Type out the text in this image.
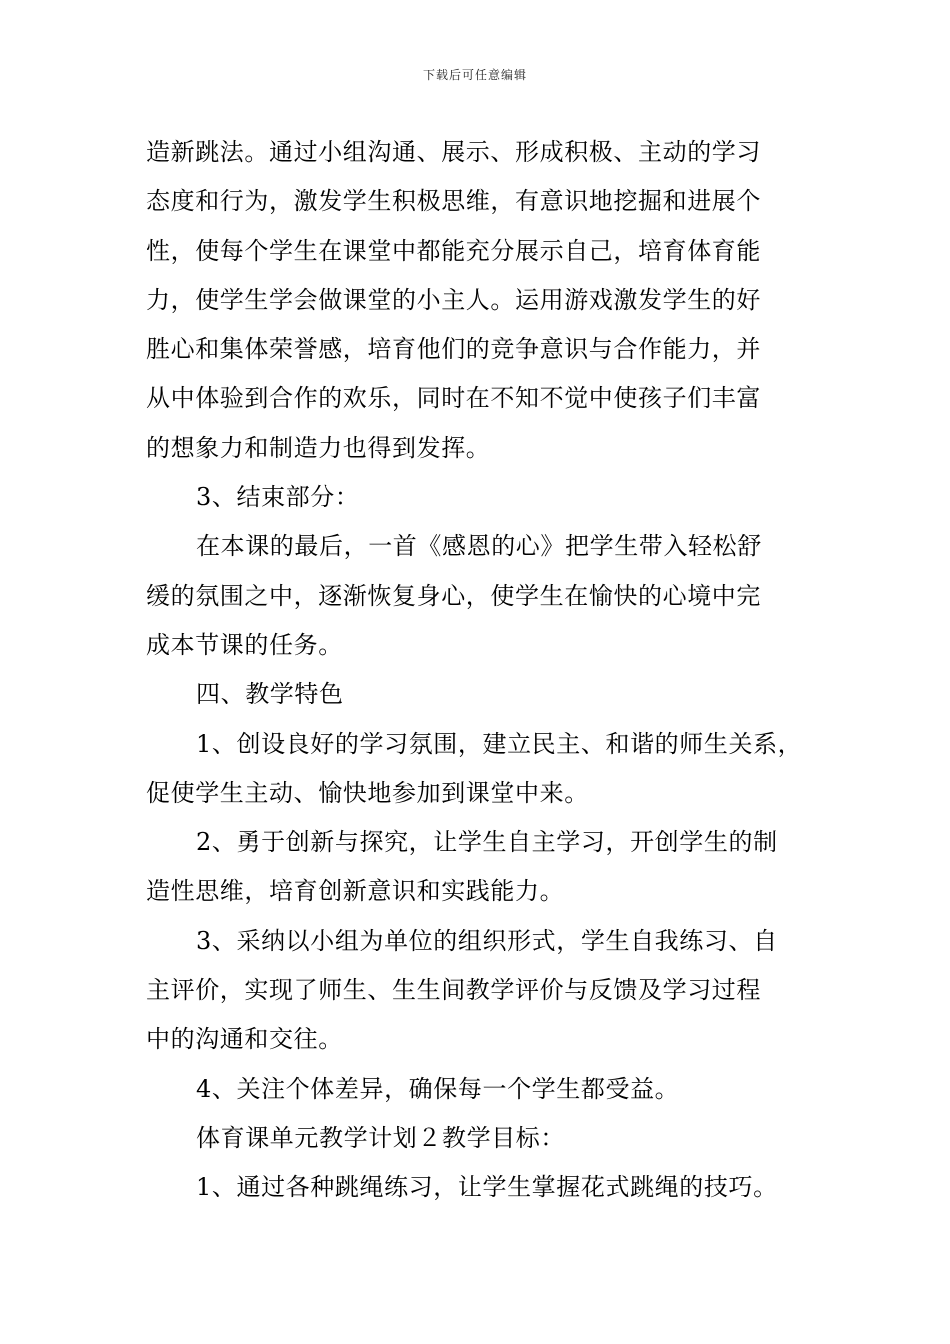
下载后可任意编辑
造新跳法。通过小组沟通、展示、形成积极、主动的学习
态度和行为，激发学生积极思维，有意识地挖掘和进展个
性，使每个学生在课堂中都能充分展示自己，培育体育能
力，使学生学会做课堂的小主人。运用游戏激发学生的好
胜心和集体荣誉感，培育他们的竞争意识与合作能力，并
从中体验到合作的欢乐，同时在不知不觉中使孩子们丰富
的想象力和制造力也得到发挥。
3、结束部分：
在本课的最后，一首《感恩的心》把学生带入轻松舒
缓的氛围之中，逐渐恢复身心，使学生在愉快的心境中完
成本节课的任务。
四、教学特色
1、创设良好的学习氛围，建立民主、和谐的师生关系，
促使学生主动、愉快地参加到课堂中来。
2、勇于创新与探究，让学生自主学习，开创学生的制
造性思维，培育创新意识和实践能力。
3、采纳以小组为单位的组织形式，学生自我练习、自
主评价，实现了师生、生生间教学评价与反馈及学习过程
中的沟通和交往。
4、关注个体差异，确保每一个学生都受益。
体育课单元教学计划２教学目标：
1、通过各种跳绳练习，让学生掌握花式跳绳的技巧。
